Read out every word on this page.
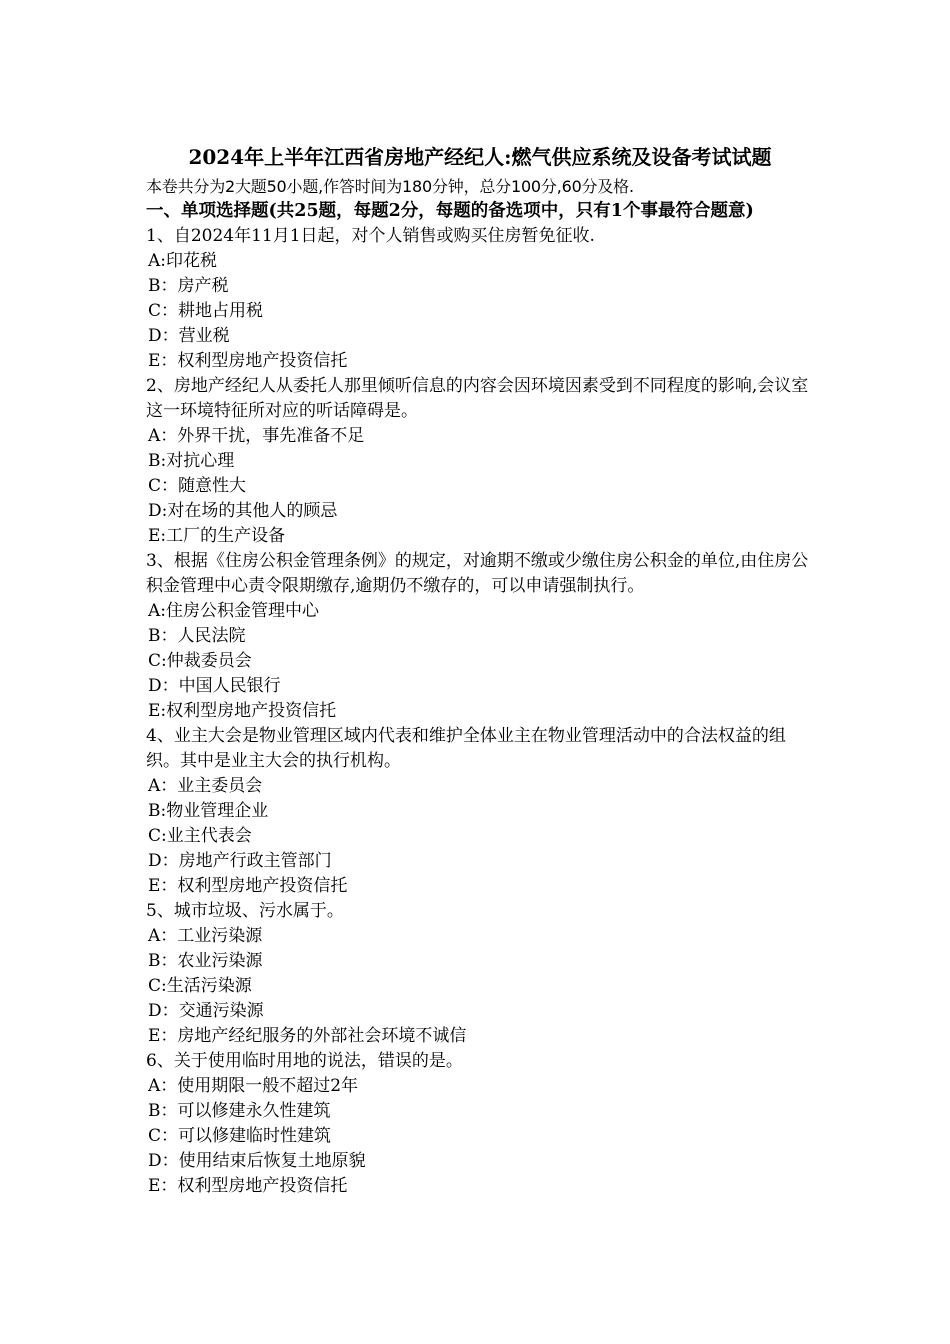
2024年上半年江西省房地产经纪人:燃气供应系统及设备考试试题
本卷共分为2大题50小题,作答时间为180分钟，总分100分,60分及格.
一、单项选择题(共25题，每题2分，每题的备选项中，只有1个事最符合题意)
1、自2024年11月1日起，对个人销售或购买住房暂免征收.
A:印花税
B：房产税
C：耕地占用税
D：营业税
E：权利型房地产投资信托
2、房地产经纪人从委托人那里倾听信息的内容会因环境因素受到不同程度的影响,会议室这一环境特征所对应的听话障碍是。
A：外界干扰，事先准备不足
B:对抗心理
C：随意性大
D:对在场的其他人的顾忌
E:工厂的生产设备
3、根据《住房公积金管理条例》的规定，对逾期不缴或少缴住房公积金的单位,由住房公积金管理中心责令限期缴存,逾期仍不缴存的，可以申请强制执行。
A:住房公积金管理中心
B：人民法院
C:仲裁委员会
D：中国人民银行
E:权利型房地产投资信托
4、业主大会是物业管理区域内代表和维护全体业主在物业管理活动中的合法权益的组织。其中是业主大会的执行机构。
A：业主委员会
B:物业管理企业
C:业主代表会
D：房地产行政主管部门
E：权利型房地产投资信托
5、城市垃圾、污水属于。
A：工业污染源
B：农业污染源
C:生活污染源
D：交通污染源
E：房地产经纪服务的外部社会环境不诚信
6、关于使用临时用地的说法，错误的是。
A：使用期限一般不超过2年
B：可以修建永久性建筑
C：可以修建临时性建筑
D：使用结束后恢复土地原貌
E：权利型房地产投资信托
